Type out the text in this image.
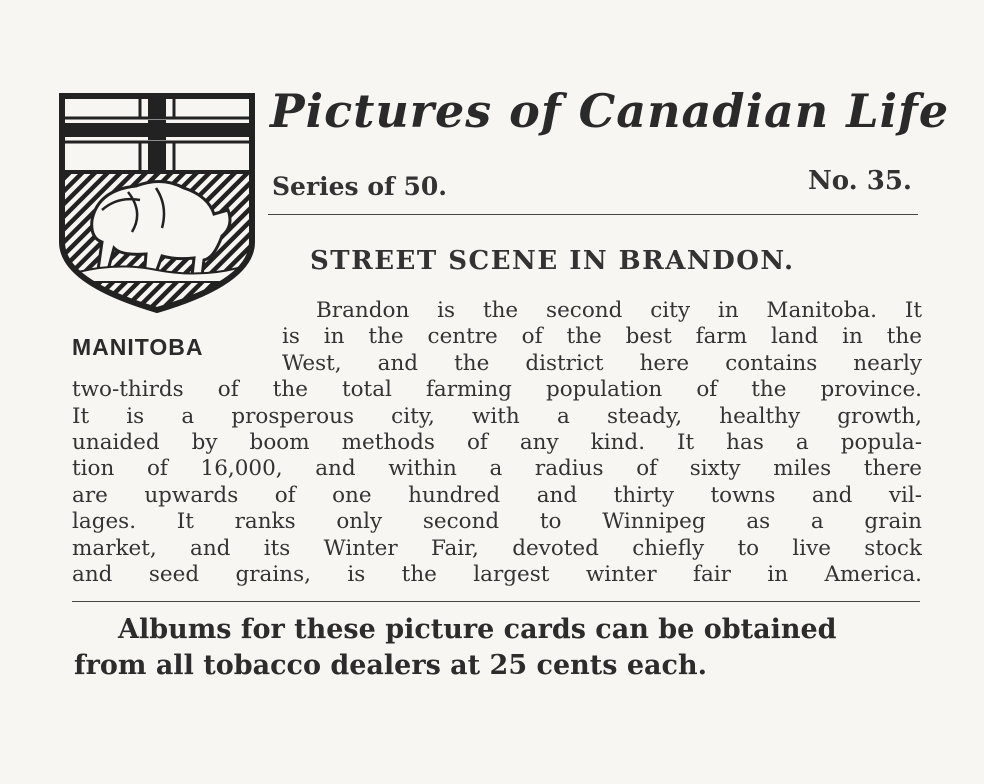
MANITOBA
Pictures of Canadian Life
Series of 50.	No. 35.
STREET SCENE IN BRANDON.
Brandon is the second city in Manitoba. It
is in the centre of the best farm land in the
West, and the district here contains nearly
two-thirds of the total farming population of the province.
It is a prosperous city, with a steady, healthy growth,
unaided by boom methods of any kind. It has a popula-
tion of 16,000, and within a radius of sixty miles there
are upwards of one hundred and thirty towns and vil-
lages. It ranks only second to Winnipeg as a grain
market, and its Winter Fair, devoted chiefly to live stock
and seed grains, is the largest winter fair in America.
Albums for these picture cards can be obtained
from all tobacco dealers at 25 cents each.
